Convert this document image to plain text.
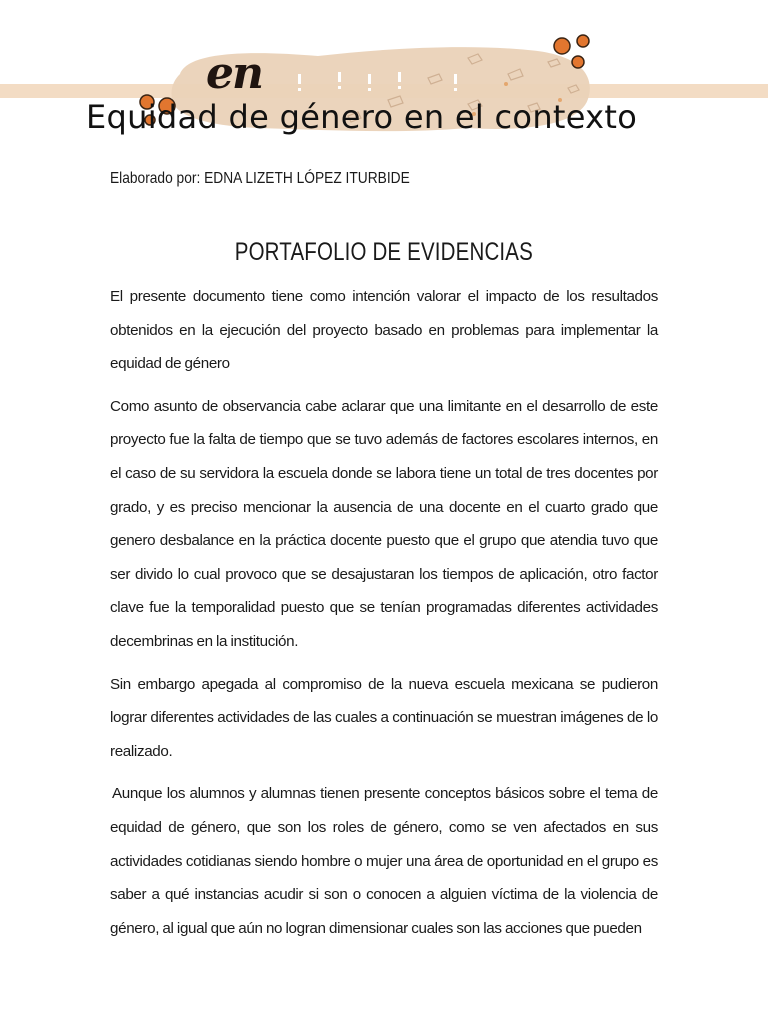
en
Equidad de género en el contexto
Elaborado por: EDNA LIZETH LÓPEZ ITURBIDE
PORTAFOLIO DE EVIDENCIAS

El presente documento tiene como intención valorar el impacto de los resultados obtenidos en la ejecución del proyecto basado en problemas para implementar la equidad de género

Como asunto de observancia cabe aclarar que una limitante en el desarrollo de este proyecto fue la falta de tiempo que se tuvo además de factores escolares internos, en el caso de su servidora la escuela donde se labora tiene un total de tres docentes por grado, y es preciso mencionar la ausencia de una docente en el cuarto grado que genero desbalance en la práctica docente puesto que el grupo que atendia tuvo que ser divido lo cual provoco que se desajustaran los tiempos de aplicación, otro factor clave fue la temporalidad puesto que se tenían programadas diferentes actividades decembrinas en la institución.

Sin embargo apegada al compromiso de la nueva escuela mexicana se pudieron lograr diferentes actividades de las cuales a continuación se muestran imágenes de lo realizado.

Aunque los alumnos y alumnas tienen presente conceptos básicos sobre el tema de equidad de género, que son los roles de género, como se ven afectados en sus actividades cotidianas siendo hombre o mujer una área de oportunidad en el grupo es saber a qué instancias acudir si son o conocen a alguien víctima de la violencia de género, al igual que aún no logran dimensionar cuales son las acciones que pueden
